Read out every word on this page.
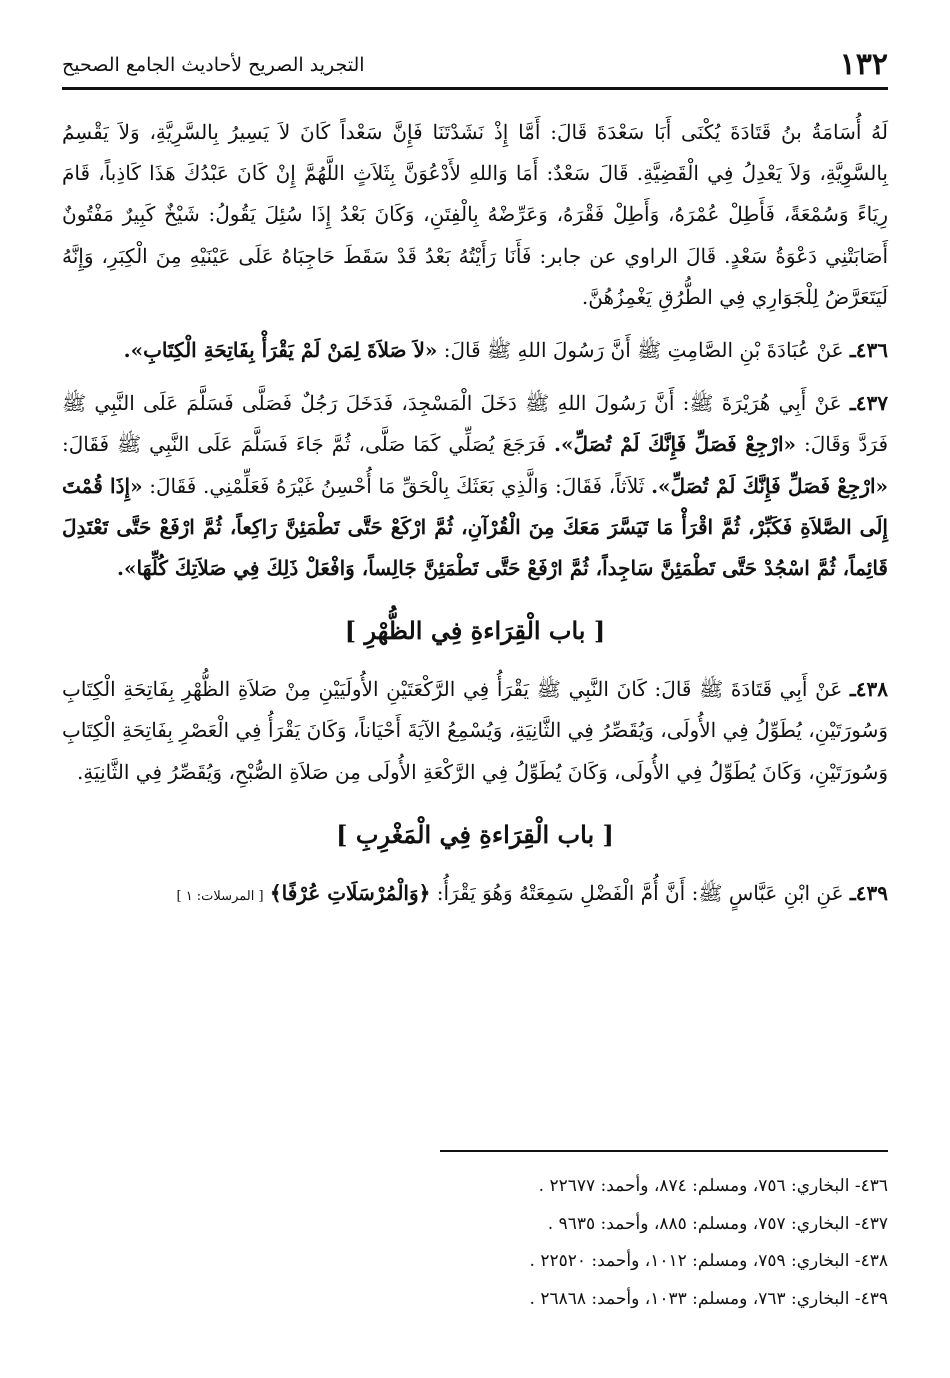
١٣٢
التجريد الصريح لأحاديث الجامع الصحيح

لَهُ أُسَامَةُ بنُ قَتَادَةَ يُكْنَى أَبَا سَعْدَةَ قَالَ: أَمَّا إِذْ نَشَدْتَنَا فَإِنَّ سَعْداً كَانَ لاَ يَسِيرُ بِالسَّرِيَّةِ، وَلاَ يَقْسِمُ بِالسَّوِيَّةِ، وَلاَ يَعْدِلُ فِي الْقَضِيَّةِ. قَالَ سَعْدٌ: أَمَا وَاللهِ لأَدْعُوَنَّ بِثَلاَثٍ اللَّهُمَّ إِنْ كَانَ عَبْدُكَ هَذَا كَاذِباً، قَامَ رِيَاءً وَسُمْعَةً، فَأَطِلْ عُمْرَهُ، وَأَطِلْ فَقْرَهُ، وَعَرِّضْهُ بِالْفِتَنِ، وَكَانَ بَعْدُ إِذَا سُئِلَ يَقُولُ: شَيْخٌ كَبِيرٌ مَفْتُونٌ أَصَابَتْنِي دَعْوَةُ سَعْدٍ. قَالَ الراوي عن جابر: فَأَنَا رَأَيْتُهُ بَعْدُ قَدْ سَقَطَ حَاجِبَاهُ عَلَى عَيْنَيْهِ مِنَ الْكِبَرِ، وَإِنَّهُ لَيَتَعَرَّضُ لِلْجَوَارِي فِي الطُّرُقِ يَغْمِزُهُنَّ.

٤٣٦ـ عَنْ عُبَادَةَ بْنِ الصَّامِتِ ﷺ أَنَّ رَسُولَ اللهِ ﷺ قَالَ: «لاَ صَلاَةَ لِمَنْ لَمْ يَقْرَأْ بِفَاتِحَةِ الْكِتَابِ».

٤٣٧ـ عَنْ أَبِي هُرَيْرَةَ ﷺ: أَنَّ رَسُولَ اللهِ ﷺ دَخَلَ الْمَسْجِدَ، فَدَخَلَ رَجُلٌ فَصَلَّى فَسَلَّمَ عَلَى النَّبِي ﷺ فَرَدَّ وَقَالَ: «ارْجِعْ فَصَلِّ فَإِنَّكَ لَمْ تُصَلِّ». فَرَجَعَ يُصَلِّي كَمَا صَلَّى، ثُمَّ جَاءَ فَسَلَّمَ عَلَى النَّبِي ﷺ فَقَالَ: «ارْجِعْ فَصَلِّ فَإِنَّكَ لَمْ تُصَلِّ». ثَلاَثاً، فَقَالَ: وَالَّذِي بَعَثَكَ بِالْحَقِّ مَا أُحْسِنُ غَيْرَهُ فَعَلِّمْنِي. فَقَالَ: «إِذَا قُمْتَ إِلَى الصَّلاَةِ فَكَبِّرْ، ثُمَّ اقْرَأْ مَا تَيَسَّرَ مَعَكَ مِنَ الْقُرْآنِ، ثُمَّ ارْكَعْ حَتَّى تَطْمَئِنَّ رَاكِعاً، ثُمَّ ارْفَعْ حَتَّى تَعْتَدِلَ قَائِماً، ثُمَّ اسْجُدْ حَتَّى تَطْمَئِنَّ سَاجِداً، ثُمَّ ارْفَعْ حَتَّى تَطْمَئِنَّ جَالِساً، وَافْعَلْ ذَلِكَ فِي صَلاَتِكَ كُلِّهَا».

[ باب الْقِرَاءةِ فِي الظُّهْرِ ]

٤٣٨ـ عَنْ أَبِي قَتَادَةَ ﷺ قَالَ: كَانَ النَّبِي ﷺ يَقْرَأُ فِي الرَّكْعَتَيْنِ الأُولَيَيْنِ مِنْ صَلاَةِ الظُّهْرِ بِفَاتِحَةِ الْكِتَابِ وَسُورَتَيْنِ، يُطَوِّلُ فِي الأُولَى، وَيُقَصِّرُ فِي الثَّانِيَةِ، وَيُسْمِعُ الآيَةَ أَحْيَاناً، وَكَانَ يَقْرَأُ فِي الْعَصْرِ بِفَاتِحَةِ الْكِتَابِ وَسُورَتَيْنِ، وَكَانَ يُطَوِّلُ فِي الأُولَى، وَكَانَ يُطَوِّلُ فِي الرَّكْعَةِ الأُولَى مِن صَلاَةِ الصُّبْحِ، وَيُقَصِّرُ فِي الثَّانِيَةِ.

[ باب الْقِرَاءةِ فِي الْمَغْرِبِ ]

٤٣٩ـ عَنِ ابْنِ عَبَّاسٍ ﷺ: أَنَّ أُمَّ الْفَضْلِ سَمِعَتْهُ وَهُوَ يَقْرَأُ: ﴿وَالْمُرْسَلَاتِ عُرْفًا﴾ [ المرسلات: ١ ]

٤٣٦- البخاري: ٧٥٦، ومسلم: ٨٧٤، وأحمد: ٢٢٦٧٧ .

٤٣٧- البخاري: ٧٥٧، ومسلم: ٨٨٥، وأحمد: ٩٦٣٥ .

٤٣٨- البخاري: ٧٥٩، ومسلم: ١٠١٢، وأحمد: ٢٢٥٢٠ .

٤٣٩- البخاري: ٧٦٣، ومسلم: ١٠٣٣، وأحمد: ٢٦٨٦٨ .
